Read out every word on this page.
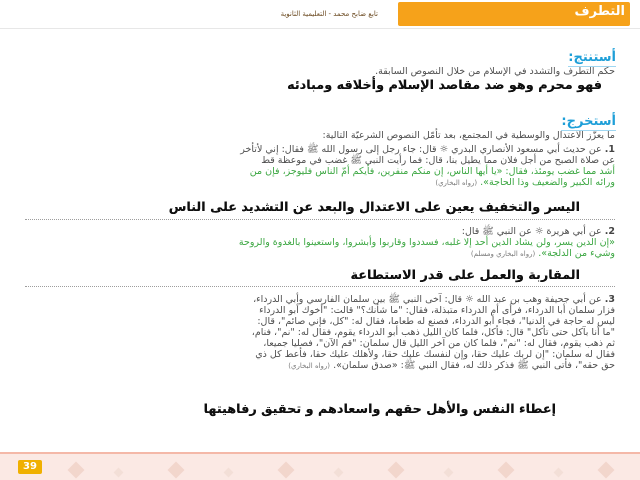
التطرف
تابع ضابح محمد - التعليمية الثانوية
أستنتج:
حكم التطرف والتشدد في الإسلام من خلال النصوص السابقة.
فهو محرم وهو ضد مقاصد الإسلام وأخلاقه ومبادئه
أستخرج:
ما يعزّز الاعتدال والوسطية في المجتمع، بعد تأمّل النصوص الشرعيّة التالية:
1. عن حديث أبي مسعود الأنصاري البدري ☼ قال: جاء رجل إلى رسول الله ﷺ فقال: إني لأتأخر
عن صلاة الصبح من أجل فلان مما يطيل بنا، قال: فما رأيت النبي ﷺ غضب في موعظة قط
أشد مما غضب يومئذ، فقال: «يا أيها الناس، إن منكم منفرين، فأيكم أمّ الناس فليوجز، فإن من
ورائه الكبير والضعيف وذا الحاجة». (رواه البخاري)
اليسر والتخفيف يعين على الاعتدال والبعد عن التشديد على الناس
2. عن أبي هريرة ☼ عن النبي ﷺ قال:
«إن الدين يسر، ولن يشاد الدين أحد إلا غلبه، فسددوا وقاربوا وأبشروا، واستعينوا بالغدوة والروحة
وشيء من الدلجة». (رواه البخاري ومسلم)
المقاربة والعمل على قدر الاستطاعة
3. عن أبي جحيفة وهب بن عبد الله ☼ قال: آخى النبي ﷺ بين سلمان الفارسي وأبي الدرداء،
فزار سلمان أبا الدرداء، فرأى أم الدرداء متبذلة، فقال: "ما شأنك؟" قالت: "أخوك أبو الدرداء
ليس له حاجة في الدنيا"، فجاء أبو الدرداء، فصنع له طعاما، فقال له: "كل، فإني صائم"، قال:
"ما أنا بآكل حتى تأكل" قال: فأكل، فلما كان الليل ذهب أبو الدرداء يقوم، فقال له: "نم"، فنام،
ثم ذهب يقوم، فقال له: "نم"، فلما كان من آخر الليل قال سلمان: "قم الآن"، فصليا جميعا،
فقال له سلمان: "إن لربك عليك حقا، وإن لنفسك عليك حقا، ولأهلك عليك حقا، فأعط كل ذي
حق حقه"، فأتى النبي ﷺ فذكر ذلك له، فقال النبي ﷺ: «صدق سلمان». (رواه البخاري)
إعطاء النفس والأهل حقهم واسعادهم و تحقيق رفاهيتها
39
